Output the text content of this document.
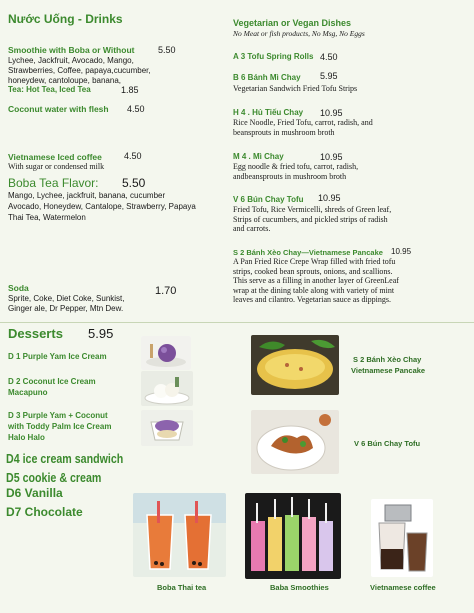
Nước Uống - Drinks
Smoothie with Boba or Without	5.50
Lychee, Jackfruit, Avocado, Mango,
Strawberries, Coffee, papaya,cucumber,
honeydew, cantoloupe, banana,
Tea: Hot Tea, Iced Tea	1.85
Coconut water with flesh 4.50
Vietnamese Iced coffee 4.50
With sugar or condensed milk
Boba Tea Flavor: 5.50
Mango, Lychee, jackfruit, banana, cucumber
Avocado, Honeydew, Cantalope, Strawberry, Papaya
Thai Tea, Watermelon
Soda	1.70
Sprite, Coke, Diet Coke, Sunkist,
Ginger ale, Dr Pepper, Mtn Dew.
Vegetarian or Vegan Dishes
No Meat or fish products, No Msg, No Eggs
A 3 Tofu Spring Rolls 4.50
B 6 Bánh Mì Chay 5.95
Vegetarian Sandwich Fried Tofu Strips
H 4 . Hủ Tiếu Chay 10.95
Rice Noodle, Fried Tofu, carrot, radish, and beansprouts in mushroom broth
M 4 . Mì Chay	10.95
Egg noodle & fried tofu, carrot, radish, andbeansprouts in mushroom broth
V 6 Bún Chay Tofu 10.95
Fried Tofu, Rice Vermicelli, shreds of Green leaf, Strips of cucumbers, and pickled strips of radish and carrots.
S 2 Bánh Xèo Chay—Vietnamese Pancake 10.95
A Pan Fried Rice Crepe Wrap filled with fried tofu strips, cooked bean sprouts, onions, and scallions. This serve as a filling in another layer of GreenLeaf wrap at the dining table along with variety of mint leaves and cilantro. Vegetarian sauce as dippings.
Desserts 5.95
D 1 Purple Yam Ice Cream
D 2 Coconut Ice Cream
Macapuno
D 3 Purple Yam + Coconut
with Toddy Palm Ice Cream
Halo Halo
D4 ice cream sandwich
D5 cookie & cream
D6 Vanilla
D7 Chocolate
S 2 Bánh Xèo Chay
Vietnamese Pancake
V 6 Bún Chay Tofu
Boba Thai tea	Baba Smoothies	Vietnamese coffee
